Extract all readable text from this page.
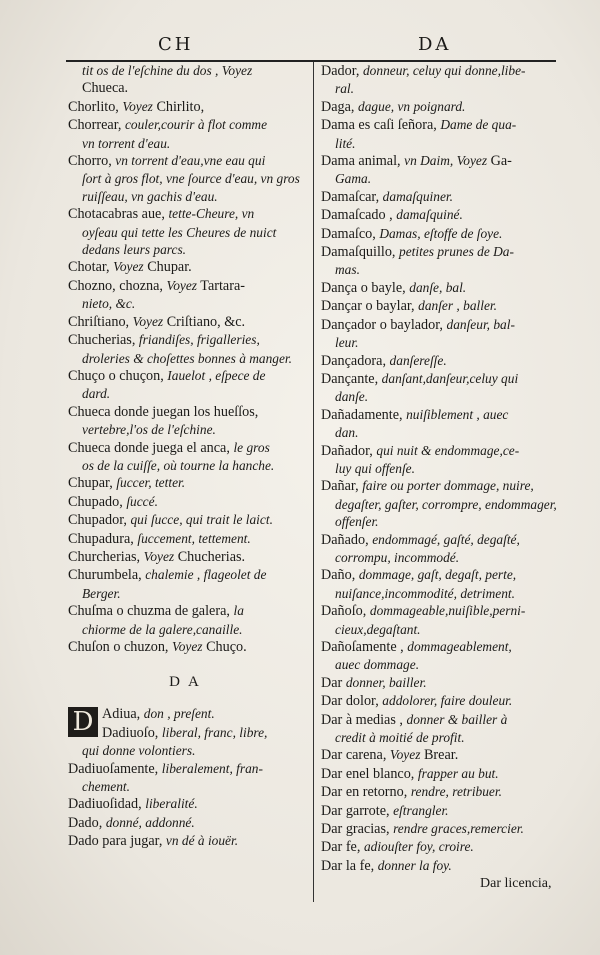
CH	DA

tit os de l'eſchine du dos , Voyez
Chueca.

Chorlito, Voyez Chirlito,

Chorrear, couler,courir à flot comme
vn torrent d'eau.

Chorro, vn torrent d'eau,vne eau qui
ſort à gros flot, vne ſource d'eau, vn gros ruiſſeau, vn gachis d'eau.

Chotacabras aue, tette-Cheure, vn
oyſeau qui tette les Cheures de nuict dedans leurs parcs.

Chotar, Voyez Chupar.

Chozno, chozna, Voyez Tartara-
nieto, &c.

Chriſtiano, Voyez Criſtiano, &c.

Chucherias, friandiſes, frigalleries,
droleries & choſettes bonnes à manger.

Chuço o chuçon, Iauelot , eſpece de
dard.

Chueca donde juegan los hueſſos,
vertebre,l'os de l'eſchine.

Chueca donde juega el anca, le gros
os de la cuiſſe, où tourne la hanche.

Chupar, ſuccer, tetter.

Chupado, ſuccé.

Chupador, qui ſucce, qui trait le laict.

Chupadura, ſuccement, tettement.

Churcherias, Voyez Chucherias.

Churumbela, chalemie , flageolet de
Berger.

Chuſma o chuzma de galera, la
chiorme de la galere,canaille.

Chuſon o chuzon, Voyez Chuço.

DA

D Adiua, don , preſent.

Dadiuoſo, liberal, franc, libre,
qui donne volontiers.

Dadiuoſamente, liberalement, fran-
chement.

Dadiuoſidad, liberalité.

Dado, donné, addonné.

Dado para jugar, vn dé à iouër.

Dador, donneur, celuy qui donne,libe-
ral.

Daga, dague, vn poignard.

Dama es caſi ſeñora, Dame de qua-
lité.

Dama animal, vn Daim, Voyez Ga-
Gama.

Damaſcar, damaſquiner.

Damaſcado , damaſquiné.

Damaſco, Damas, eſtoffe de ſoye.

Damaſquillo, petites prunes de Da-
mas.

Dança o bayle, danſe, bal.

Dançar o baylar, danſer , baller.

Dançador o baylador, danſeur, bal-
leur.

Dançadora, danſereſſe.

Dançante, danſant,danſeur,celuy qui
danſe.

Dañadamente, nuiſiblement , auec
dan.

Dañador, qui nuit & endommage,ce-
luy qui offenſe.

Dañar, faire ou porter dommage, nuire,
degaſter, gaſter, corrompre, endommager, offenſer.

Dañado, endommagé, gaſté, degaſté,
corrompu, incommodé.

Daño, dommage, gaſt, degaſt, perte,
nuiſance,incommodité, detriment.

Dañoſo, dommageable,nuiſible,perni-
cieux,degaſtant.

Dañoſamente , dommageablement,
auec dommage.

Dar donner, bailler.

Dar dolor, addolorer, faire douleur.

Dar à medias , donner & bailler à
credit à moitié de profit.

Dar carena, Voyez Brear.

Dar enel blanco, frapper au but.

Dar en retorno, rendre, retribuer.

Dar garrote, eſtrangler.

Dar gracias, rendre graces,remercier.

Dar fe, adiouſter foy, croire.

Dar la fe, donner la foy.

Dar licencia,
